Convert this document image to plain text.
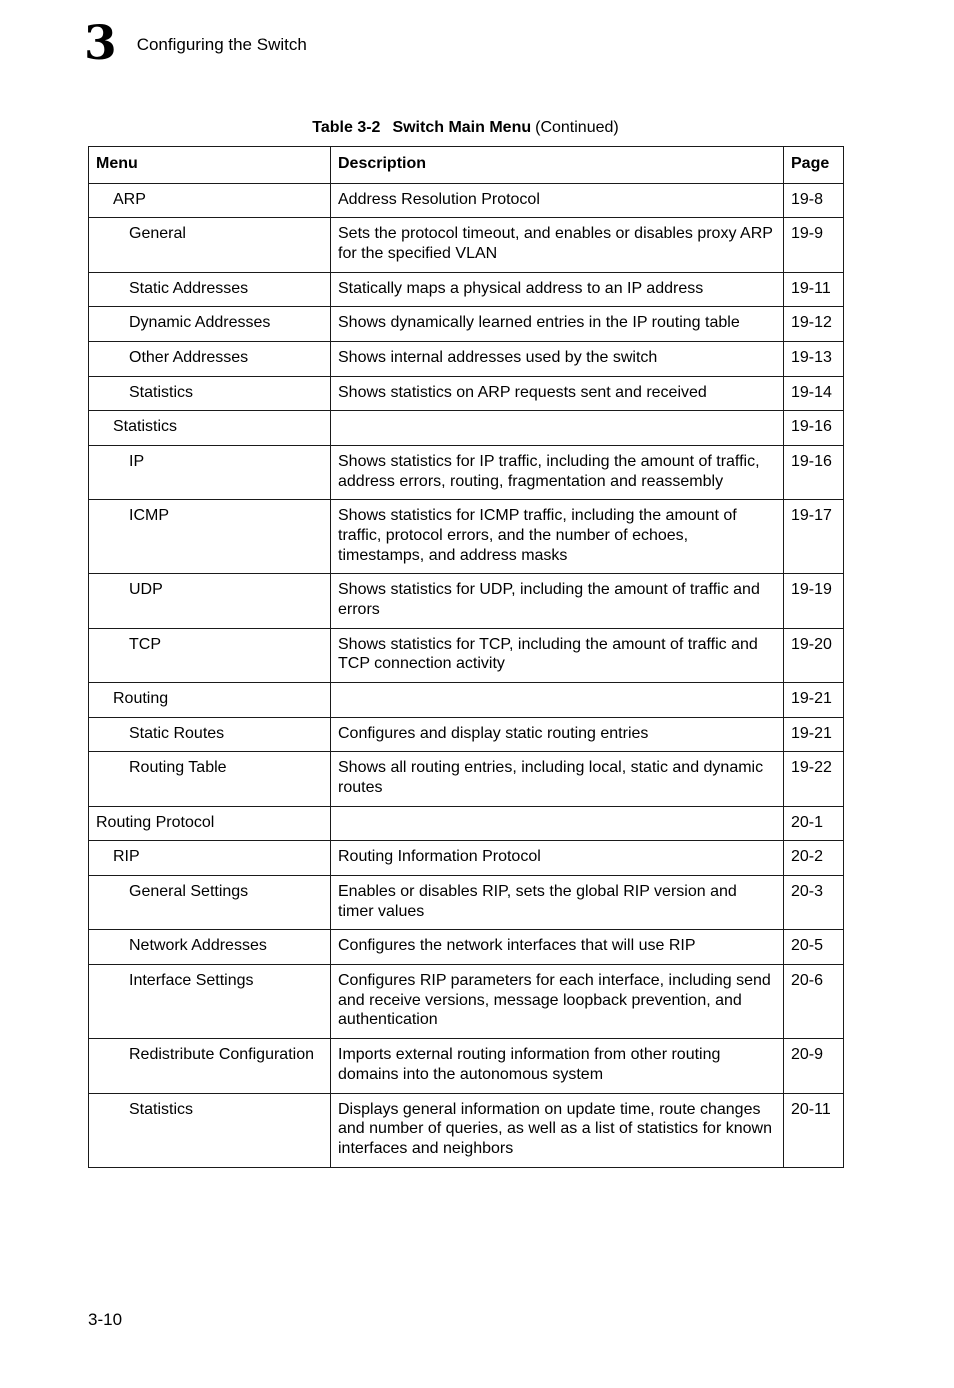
3 Configuring the Switch
Table 3-2 Switch Main Menu (Continued)
Menu	Description	Page
ARP	Address Resolution Protocol	19-8
General	Sets the protocol timeout, and enables or disables proxy ARP for the specified VLAN	19-9
Static Addresses	Statically maps a physical address to an IP address	19-11
Dynamic Addresses	Shows dynamically learned entries in the IP routing table	19-12
Other Addresses	Shows internal addresses used by the switch	19-13
Statistics	Shows statistics on ARP requests sent and received	19-14
Statistics		19-16
IP	Shows statistics for IP traffic, including the amount of traffic, address errors, routing, fragmentation and reassembly	19-16
ICMP	Shows statistics for ICMP traffic, including the amount of traffic, protocol errors, and the number of echoes, timestamps, and address masks	19-17
UDP	Shows statistics for UDP, including the amount of traffic and errors	19-19
TCP	Shows statistics for TCP, including the amount of traffic and TCP connection activity	19-20
Routing		19-21
Static Routes	Configures and display static routing entries	19-21
Routing Table	Shows all routing entries, including local, static and dynamic routes	19-22
Routing Protocol		20-1
RIP	Routing Information Protocol	20-2
General Settings	Enables or disables RIP, sets the global RIP version and timer values	20-3
Network Addresses	Configures the network interfaces that will use RIP	20-5
Interface Settings	Configures RIP parameters for each interface, including send and receive versions, message loopback prevention, and authentication	20-6
Redistribute Configuration	Imports external routing information from other routing domains into the autonomous system	20-9
Statistics	Displays general information on update time, route changes and number of queries, as well as a list of statistics for known interfaces and neighbors	20-11
3-10
